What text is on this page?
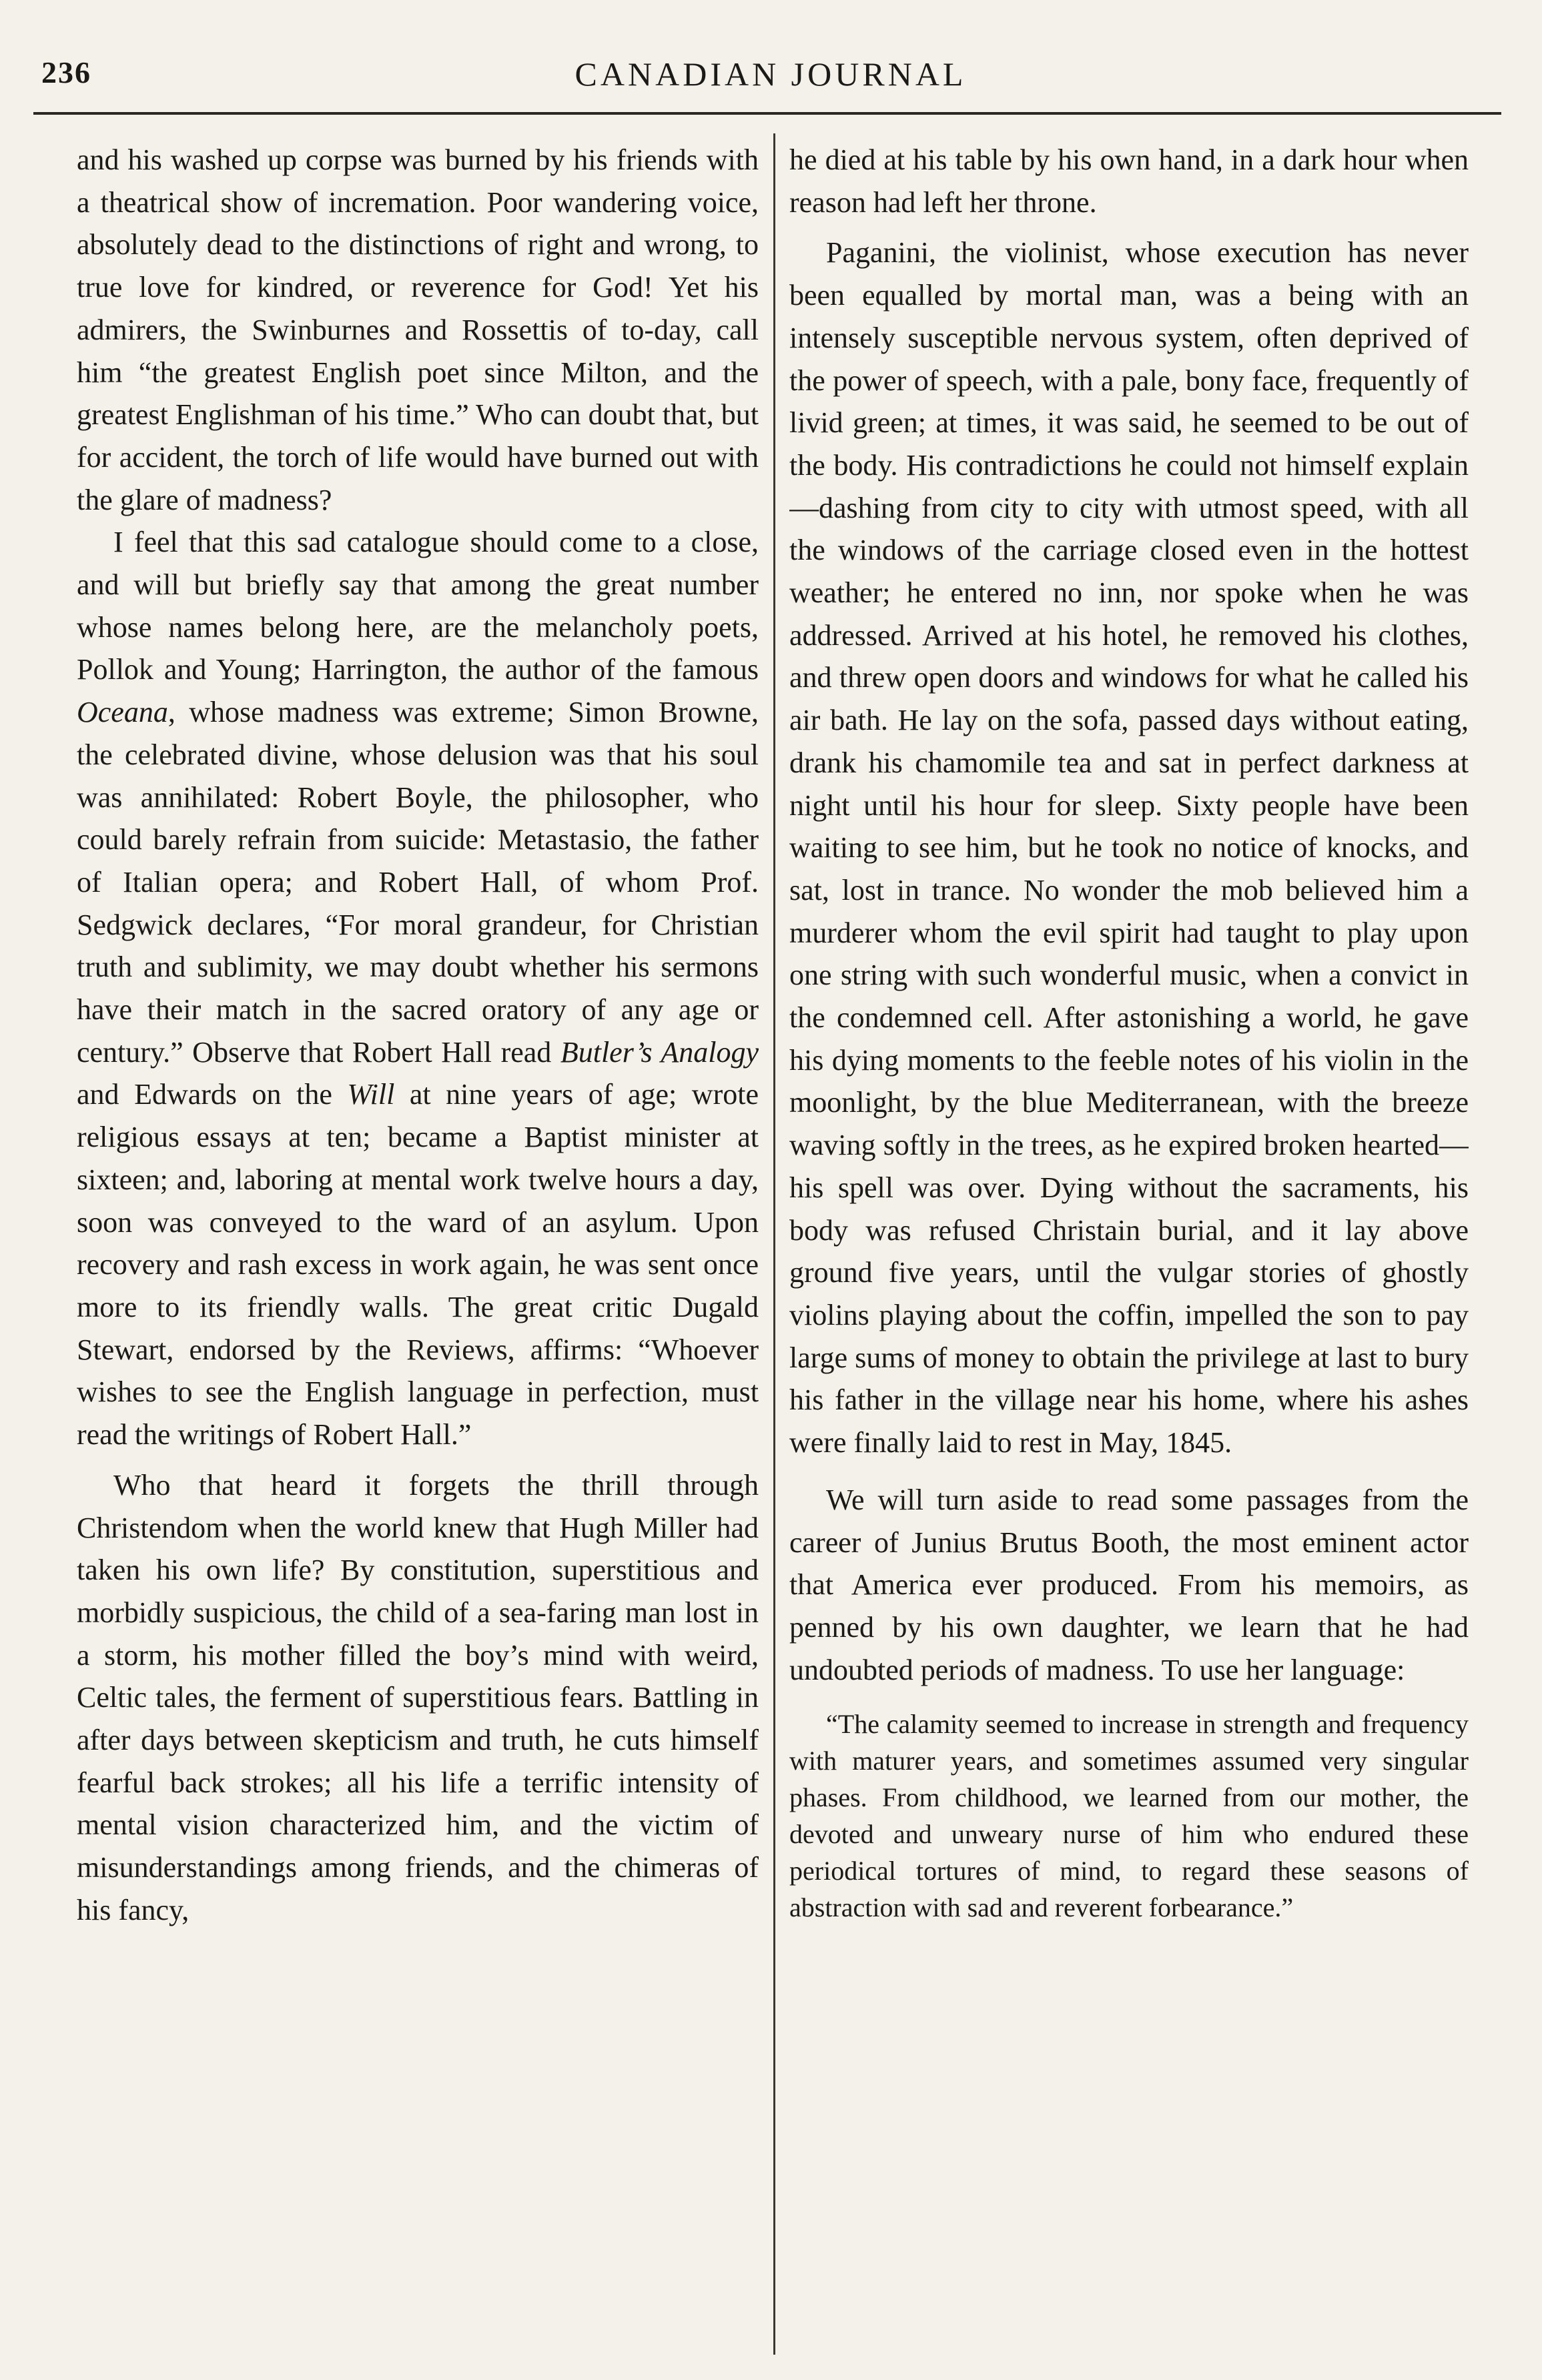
236	CANADIAN JOURNAL

and his washed up corpse was burned by his friends with a theatrical show of incremation. Poor wandering voice, absolutely dead to the distinctions of right and wrong, to true love for kindred, or reverence for God! Yet his admirers, the Swinburnes and Rossettis of to-day, call him “the greatest English poet since Milton, and the greatest Englishman of his time.” Who can doubt that, but for accident, the torch of life would have burned out with the glare of madness?

I feel that this sad catalogue should come to a close, and will but briefly say that among the great number whose names belong here, are the melancholy poets, Pollok and Young; Harrington, the author of the famous Oceana, whose madness was extreme; Simon Browne, the celebrated divine, whose delusion was that his soul was annihilated: Robert Boyle, the philosopher, who could barely refrain from suicide: Metastasio, the father of Italian opera; and Robert Hall, of whom Prof. Sedgwick declares, “For moral grandeur, for Christian truth and sublimity, we may doubt whether his sermons have their match in the sacred oratory of any age or century.” Observe that Robert Hall read Butler’s Analogy and Edwards on the Will at nine years of age; wrote religious essays at ten; became a Baptist minister at sixteen; and, laboring at mental work twelve hours a day, soon was conveyed to the ward of an asylum. Upon recovery and rash excess in work again, he was sent once more to its friendly walls. The great critic Dugald Stewart, endorsed by the Reviews, affirms: “Whoever wishes to see the English language in perfection, must read the writings of Robert Hall.”

Who that heard it forgets the thrill through Christendom when the world knew that Hugh Miller had taken his own life? By constitution, superstitious and morbidly suspicious, the child of a sea-faring man lost in a storm, his mother filled the boy’s mind with weird, Celtic tales, the ferment of superstitious fears. Battling in after days between skepticism and truth, he cuts himself fearful back strokes; all his life a terrific intensity of mental vision characterized him, and the victim of misunderstandings among friends, and the chimeras of his fancy,

he died at his table by his own hand, in a dark hour when reason had left her throne.

Paganini, the violinist, whose execution has never been equalled by mortal man, was a being with an intensely susceptible nervous system, often deprived of the power of speech, with a pale, bony face, frequently of livid green; at times, it was said, he seemed to be out of the body. His contradictions he could not himself explain—dashing from city to city with utmost speed, with all the windows of the carriage closed even in the hottest weather; he entered no inn, nor spoke when he was addressed. Arrived at his hotel, he removed his clothes, and threw open doors and windows for what he called his air bath. He lay on the sofa, passed days without eating, drank his chamomile tea and sat in perfect darkness at night until his hour for sleep. Sixty people have been waiting to see him, but he took no notice of knocks, and sat, lost in trance. No wonder the mob believed him a murderer whom the evil spirit had taught to play upon one string with such wonderful music, when a convict in the condemned cell. After astonishing a world, he gave his dying moments to the feeble notes of his violin in the moonlight, by the blue Mediterranean, with the breeze waving softly in the trees, as he expired broken hearted—his spell was over. Dying without the sacraments, his body was refused Christain burial, and it lay above ground five years, until the vulgar stories of ghostly violins playing about the coffin, impelled the son to pay large sums of money to obtain the privilege at last to bury his father in the village near his home, where his ashes were finally laid to rest in May, 1845.

We will turn aside to read some passages from the career of Junius Brutus Booth, the most eminent actor that America ever produced. From his memoirs, as penned by his own daughter, we learn that he had undoubted periods of madness. To use her language:

“The calamity seemed to increase in strength and frequency with maturer years, and sometimes assumed very singular phases. From childhood, we learned from our mother, the devoted and unweary nurse of him who endured these periodical tortures of mind, to regard these seasons of abstraction with sad and reverent forbearance.”
